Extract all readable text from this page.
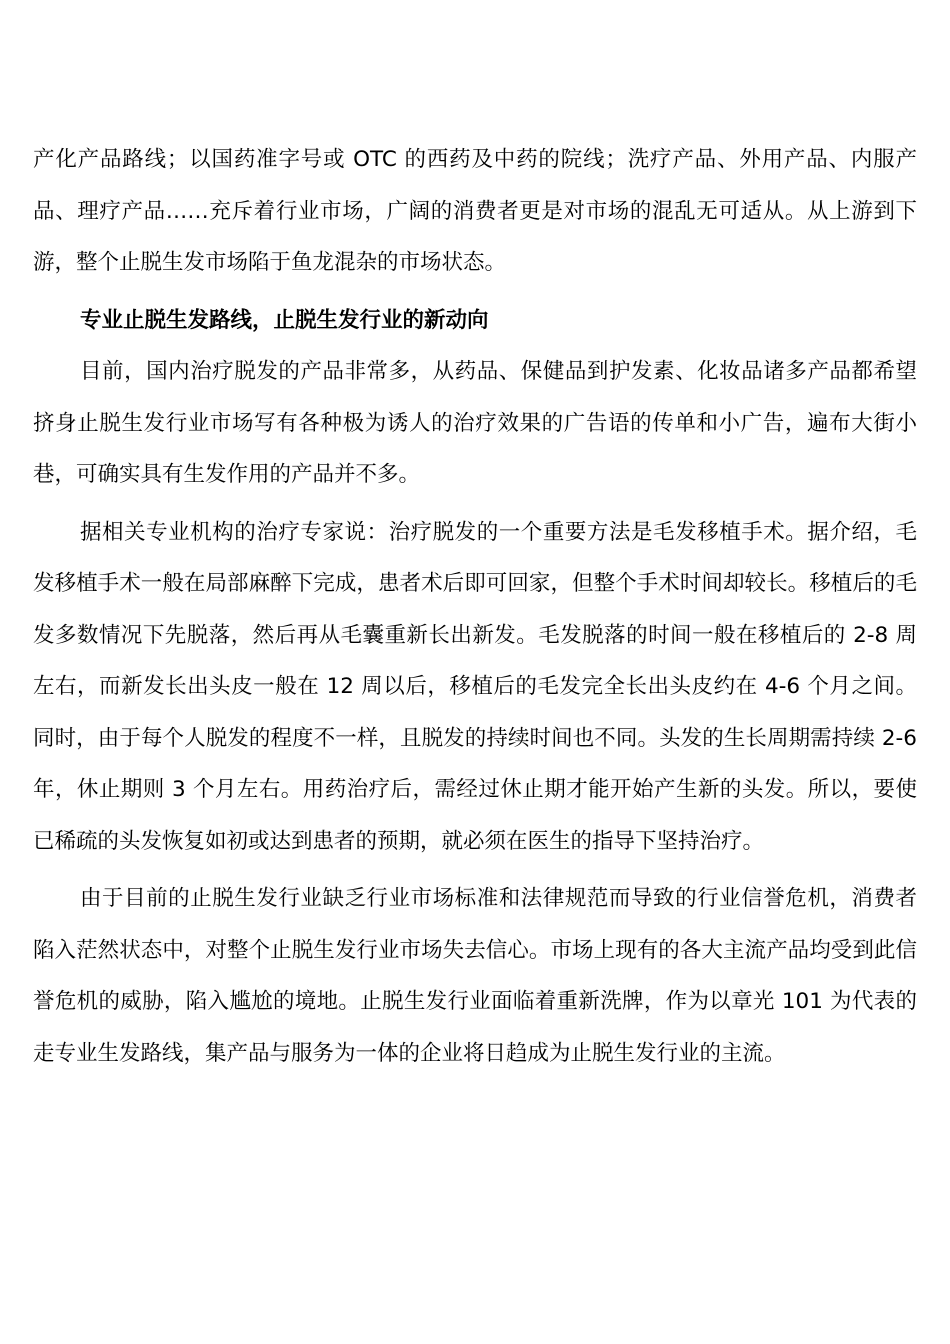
产化产品路线；以国药准字号或 OTC 的西药及中药的院线；洗疗产品、外用产品、内服产品、理疗产品……充斥着行业市场，广阔的消费者更是对市场的混乱无可适从。从上游到下游，整个止脱生发市场陷于鱼龙混杂的市场状态。

专业止脱生发路线，止脱生发行业的新动向

目前，国内治疗脱发的产品非常多，从药品、保健品到护发素、化妆品诸多产品都希望挤身止脱生发行业市场写有各种极为诱人的治疗效果的广告语的传单和小广告，遍布大街小巷，可确实具有生发作用的产品并不多。

据相关专业机构的治疗专家说：治疗脱发的一个重要方法是毛发移植手术。据介绍，毛发移植手术一般在局部麻醉下完成，患者术后即可回家，但整个手术时间却较长。移植后的毛发多数情况下先脱落，然后再从毛囊重新长出新发。毛发脱落的时间一般在移植后的 2-8 周左右，而新发长出头皮一般在 12 周以后，移植后的毛发完全长出头皮约在 4-6 个月之间。同时，由于每个人脱发的程度不一样，且脱发的持续时间也不同。头发的生长周期需持续 2-6 年，休止期则 3 个月左右。用药治疗后，需经过休止期才能开始产生新的头发。所以，要使已稀疏的头发恢复如初或达到患者的预期，就必须在医生的指导下坚持治疗。

由于目前的止脱生发行业缺乏行业市场标准和法律规范而导致的行业信誉危机，消费者陷入茫然状态中，对整个止脱生发行业市场失去信心。市场上现有的各大主流产品均受到此信誉危机的威胁，陷入尴尬的境地。止脱生发行业面临着重新洗牌，作为以章光 101 为代表的走专业生发路线，集产品与服务为一体的企业将日趋成为止脱生发行业的主流。
